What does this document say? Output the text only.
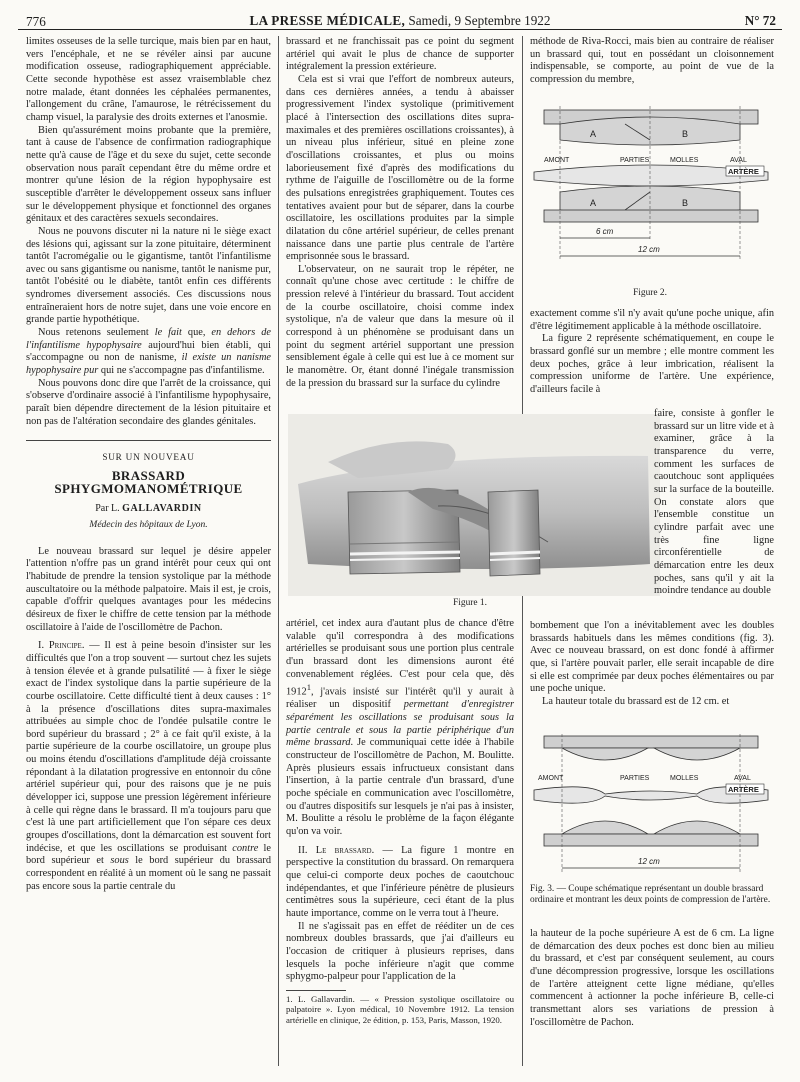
776	LA PRESSE MÉDICALE, Samedi, 9 Septembre 1922	N° 72

limites osseuses de la selle turcique, mais bien par en haut, vers l'encéphale, et ne se révéler ainsi par aucune modification osseuse, radiographiquement appréciable. Cette seconde hypothèse est assez vraisemblable chez notre malade, étant données les céphalées permanentes, l'allongement du crâne, l'amaurose, le rétrécissement du champ visuel, la paralysie des droits externes et l'anosmie.

Bien qu'assurément moins probante que la première, tant à cause de l'absence de confirmation radiographique nette qu'à cause de l'âge et du sexe du sujet, cette seconde observation nous paraît cependant être du même ordre et montrer qu'une lésion de la région hypophysaire est susceptible d'arrêter le développement osseux sans influer sur le développement physique et fonctionnel des organes génitaux et des caractères sexuels secondaires.

Nous ne pouvons discuter ni la nature ni le siège exact des lésions qui, agissant sur la zone pituitaire, déterminent tantôt l'acromégalie ou le gigantisme, tantôt l'infantilisme avec ou sans gigantisme ou nanisme, tantôt le nanisme pur, tantôt l'obésité ou le diabète, tantôt enfin ces différents syndromes diversement associés. Ces discussions nous entraîneraient hors de notre sujet, dans une voie encore en grande partie hypothétique.

Nous retenons seulement le fait que, en dehors de l'infantilisme hypophysaire aujourd'hui bien établi, qui s'accompagne ou non de nanisme, il existe un nanisme hypophysaire pur qui ne s'accompagne pas d'infantilisme.

Nous pouvons donc dire que l'arrêt de la croissance, qui s'observe d'ordinaire associé à l'infantilisme hypophysaire, paraît bien dépendre directement de la lésion pituitaire et non pas de l'altération secondaire des glandes génitales.

SUR UN NOUVEAU
BRASSARD SPHYGMOMANOMÉTRIQUE
Par L. GALLAVARDIN
Médecin des hôpitaux de Lyon.

Le nouveau brassard sur lequel je désire appeler l'attention n'offre pas un grand intérêt pour ceux qui ont l'habitude de prendre la tension systolique par la méthode auscultatoire ou la méthode palpatoire. Mais il est, je crois, capable d'offrir quelques avantages pour les médecins désireux de fixer le chiffre de cette tension par la méthode oscillatoire à l'aide de l'oscillomètre de Pachon.

I. Principe. — Il est à peine besoin d'insister sur les difficultés que l'on a trop souvent — surtout chez les sujets à tension élevée et à grande pulsatilité — à fixer le siège exact de l'index systolique dans la partie supérieure de la courbe oscillatoire. Cette difficulté tient à deux causes : 1° à la présence d'oscillations dites supra-maximales attribuées au simple choc de l'ondée pulsatile contre le bord supérieur du brassard ; 2° à ce fait qu'il existe, à la partie supérieure de la courbe oscillatoire, un groupe plus ou moins étendu d'oscillations d'amplitude déjà croissante répondant à la dilatation progressive en entonnoir du cône artériel supérieur qui, pour des raisons que je ne puis développer ici, suppose une pression légèrement inférieure à celle qui règne dans le brassard. Il m'a toujours paru que c'est là une part artificiellement que l'on sépare ces deux groupes d'oscillations, dont la démarcation est souvent fort indécise, et que les oscillations se produisant contre le bord supérieur et sous le bord supérieur du brassard correspondent en réalité à un moment où le sang ne passait pas encore sous la partie centrale du

brassard et ne franchissait pas ce point du segment artériel qui avait le plus de chance de supporter intégralement la pression extérieure.

Cela est si vrai que l'effort de nombreux auteurs, dans ces dernières années, a tendu à abaisser progressivement l'index systolique (primitivement placé à l'intersection des oscillations dites supra-maximales et des premières oscillations croissantes), à un niveau plus inférieur, situé en pleine zone d'oscillations croissantes, et plus ou moins laborieusement fixé d'après des modifications du rythme de l'aiguille de l'oscillomètre ou de la forme des pulsations enregistrées graphiquement. Toutes ces tentatives avaient pour but de séparer, dans la courbe oscillatoire, les oscillations produites par la simple dilatation du cône artériel supérieur, de celles prenant naissance dans une partie plus centrale de l'artère emprisonnée sous le brassard.

L'observateur, on ne saurait trop le répéter, ne connaît qu'une chose avec certitude : le chiffre de pression relevé à l'intérieur du brassard. Tout accident de la courbe oscillatoire, choisi comme index systolique, n'a de valeur que dans la mesure où il correspond à un phénomène se produisant dans un point du segment artériel supportant une pression sensiblement égale à celle qui est lue à ce moment sur le manomètre. Or, étant donné l'inégale transmission de la pression du brassard sur la surface du cylindre

Figure 1.

artériel, cet index aura d'autant plus de chance d'être valable qu'il correspondra à des modifications artérielles se produisant sous une portion plus centrale d'un brassard dont les dimensions auront été convenablement réglées. C'est pour cela que, dès 1912$^1$, j'avais insisté sur l'intérêt qu'il y aurait à réaliser un dispositif permettant d'enregistrer séparément les oscillations se produisant sous la partie centrale et sous la partie périphérique d'un même brassard. Je communiquai cette idée à l'habile constructeur de l'oscillomètre de Pachon, M. Boulitte. Après plusieurs essais infructueux consistant dans l'insertion, à la partie centrale d'un brassard, d'une poche spéciale en communication avec l'oscillomètre, ou d'autres dispositifs sur lesquels je n'ai pas à insister, M. Boulitte a résolu le problème de la façon élégante qu'on va voir.

II. Le brassard. — La figure 1 montre en perspective la constitution du brassard. On remarquera que celui-ci comporte deux poches de caoutchouc indépendantes, et que l'inférieure pénètre de plusieurs centimètres sous la supérieure, ceci étant de la plus haute importance, comme on le verra tout à l'heure.

Il ne s'agissait pas en effet de rééditer un de ces nombreux doubles brassards, que j'ai d'ailleurs eu l'occasion de critiquer à plusieurs reprises, dans lesquels la poche inférieure n'agit que comme sphygmo-palpeur pour l'application de la

1. L. Gallavardin. — « Pression systolique oscillatoire ou palpatoire ». Lyon médical, 10 Novembre 1912. La tension artérielle en clinique, 2e édition, p. 153, Paris, Masson, 1920.

méthode de Riva-Rocci, mais bien au contraire de réaliser un brassard qui, tout en possédant un cloisonnement indispensable, se comporte, au point de vue de la compression du membre,

A	B
AMONT	PARTIES	MOLLES	AVAL
ARTÈRE
A	B
6 cm
12 cm
Figure 2.

exactement comme s'il n'y avait qu'une poche unique, afin d'être légitimement applicable à la méthode oscillatoire.

La figure 2 représente schématiquement, en coupe le brassard gonflé sur un membre ; elle montre comment les deux poches, grâce à leur imbrication, réalisent la compression uniforme de l'artère. Une expérience, d'ailleurs facile à

faire, consiste à gonfler le brassard sur un litre vide et à examiner, grâce à la transparence du verre, comment les surfaces de caoutchouc sont appliquées sur la surface de la bouteille. On constate alors que l'ensemble constitue un cylindre parfait avec une très fine ligne circonférentielle de démarcation entre les deux poches, sans qu'il y ait la moindre tendance au double

bombement que l'on a inévitablement avec les doubles brassards habituels dans les mêmes conditions (fig. 3). Avec ce nouveau brassard, on est donc fondé à affirmer que, si l'artère pouvait parler, elle serait incapable de dire si elle est comprimée par deux poches élémentaires ou par une poche unique.

La hauteur totale du brassard est de 12 cm. et

AMONT	PARTIES	MOLLES	AVAL
ARTÈRE
12 cm
Fig. 3. — Coupe schématique représentant un double brassard ordinaire et montrant les deux points de compression de l'artère.

la hauteur de la poche supérieure A est de 6 cm. La ligne de démarcation des deux poches est donc bien au milieu du brassard, et c'est par conséquent seulement, au cours d'une décompression progressive, lorsque les oscillations de l'artère atteignent cette ligne médiane, qu'elles commencent à actionner la poche inférieure B, celle-ci transmettant alors ses variations de pression à l'oscillomètre de Pachon.
